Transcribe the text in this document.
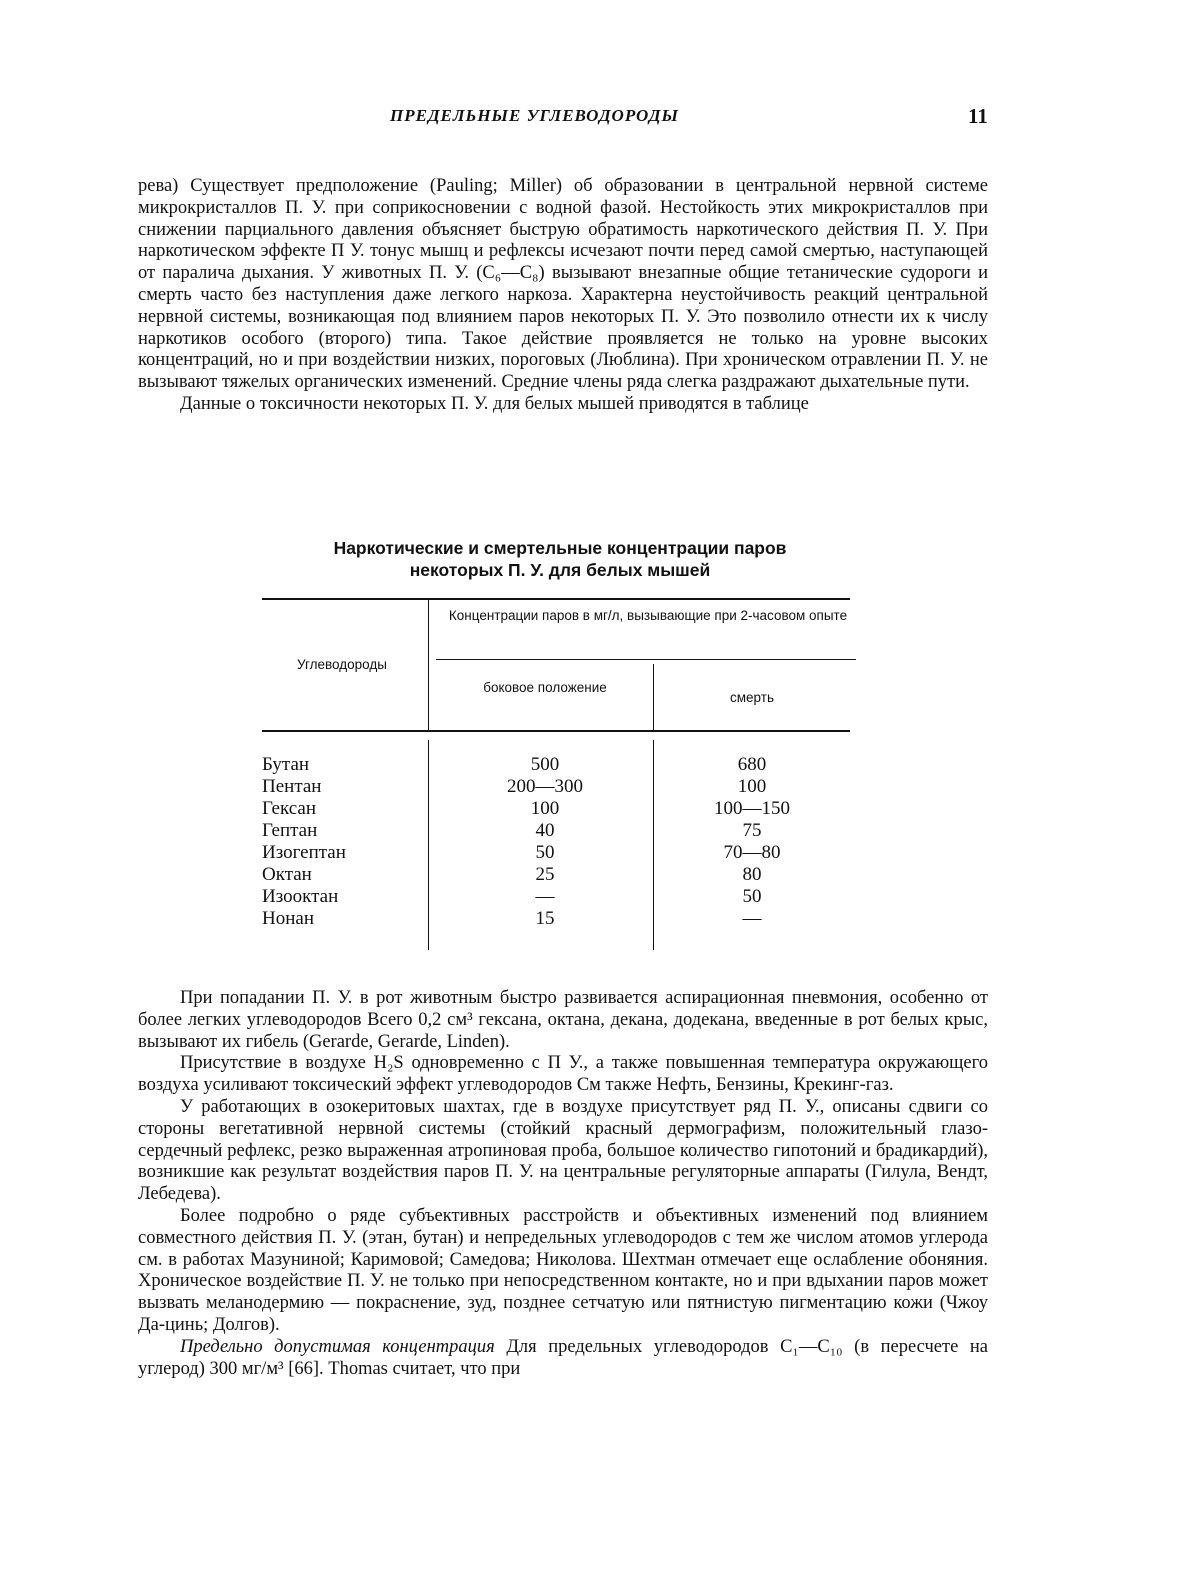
ПРЕДЕЛЬНЫЕ УГЛЕВОДОРОДЫ	11

рева) Существует предположение (Pauling; Miller) об образовании в центральной нервной системе микрокристаллов П. У. при соприкосновении с водной фазой. Нестойкость этих микрокристаллов при снижении парциального давления объясняет быструю обратимость наркотического действия П. У. При наркотическом эффекте П У. тонус мышц и рефлексы исчезают почти перед самой смертью, наступающей от паралича дыхания. У животных П. У. (C₆—C₈) вызывают внезапные общие тетанические судороги и смерть часто без наступления даже легкого наркоза. Характерна неустойчивость реакций центральной нервной системы, возникающая под влиянием паров некоторых П. У. Это позволило отнести их к числу наркотиков особого (второго) типа. Такое действие проявляется не только на уровне высоких концентраций, но и при воздействии низких, пороговых (Люблина). При хроническом отравлении П. У. не вызывают тяжелых органических изменений. Средние члены ряда слегка раздражают дыхательные пути.

Данные о токсичности некоторых П. У. для белых мышей приводятся в таблице

Наркотические и смертельные концентрации паров
некоторых П. У. для белых мышей
Углеводороды
Концентрации паров в мг/л, вызывающие при 2-часовом опыте
боковое положение
смерть
Бутан	500	680
Пентан	200—300	100
Гексан	100	100—150
Гептан	40	75
Изогептан	50	70—80
Октан	25	80
Изооктан	—	50
Нонан	15	—

При попадании П. У. в рот животным быстро развивается аспирационная пневмония, особенно от более легких углеводородов Всего 0,2 см³ гексана, октана, декана, додекана, введенные в рот белых крыс, вызывают их гибель (Gerarde, Gerarde, Linden).

Присутствие в воздухе H₂S одновременно с П У., а также повышенная температура окружающего воздуха усиливают токсический эффект углеводородов См также Нефть, Бензины, Крекинг-газ.

У работающих в озокеритовых шахтах, где в воздухе присутствует ряд П. У., описаны сдвиги со стороны вегетативной нервной системы (стойкий красный дермографизм, положительный глазо-сердечный рефлекс, резко выраженная атропиновая проба, большое количество гипотоний и брадикардий), возникшие как результат воздействия паров П. У. на центральные регуляторные аппараты (Гилула, Вендт, Лебедева).

Более подробно о ряде субъективных расстройств и объективных изменений под влиянием совместного действия П. У. (этан, бутан) и непредельных углеводородов с тем же числом атомов углерода см. в работах Мазуниной; Каримовой; Самедова; Николова. Шехтман отмечает еще ослабление обоняния. Хроническое воздействие П. У. не только при непосредственном контакте, но и при вдыхании паров может вызвать меланодермию — покраснение, зуд, позднее сетчатую или пятнистую пигментацию кожи (Чжоу Да-цинь; Долгов).

Предельно допустимая концентрация Для предельных углеводородов C₁—C₁₀ (в пересчете на углерод) 300 мг/м³ [66]. Thomas считает, что при
